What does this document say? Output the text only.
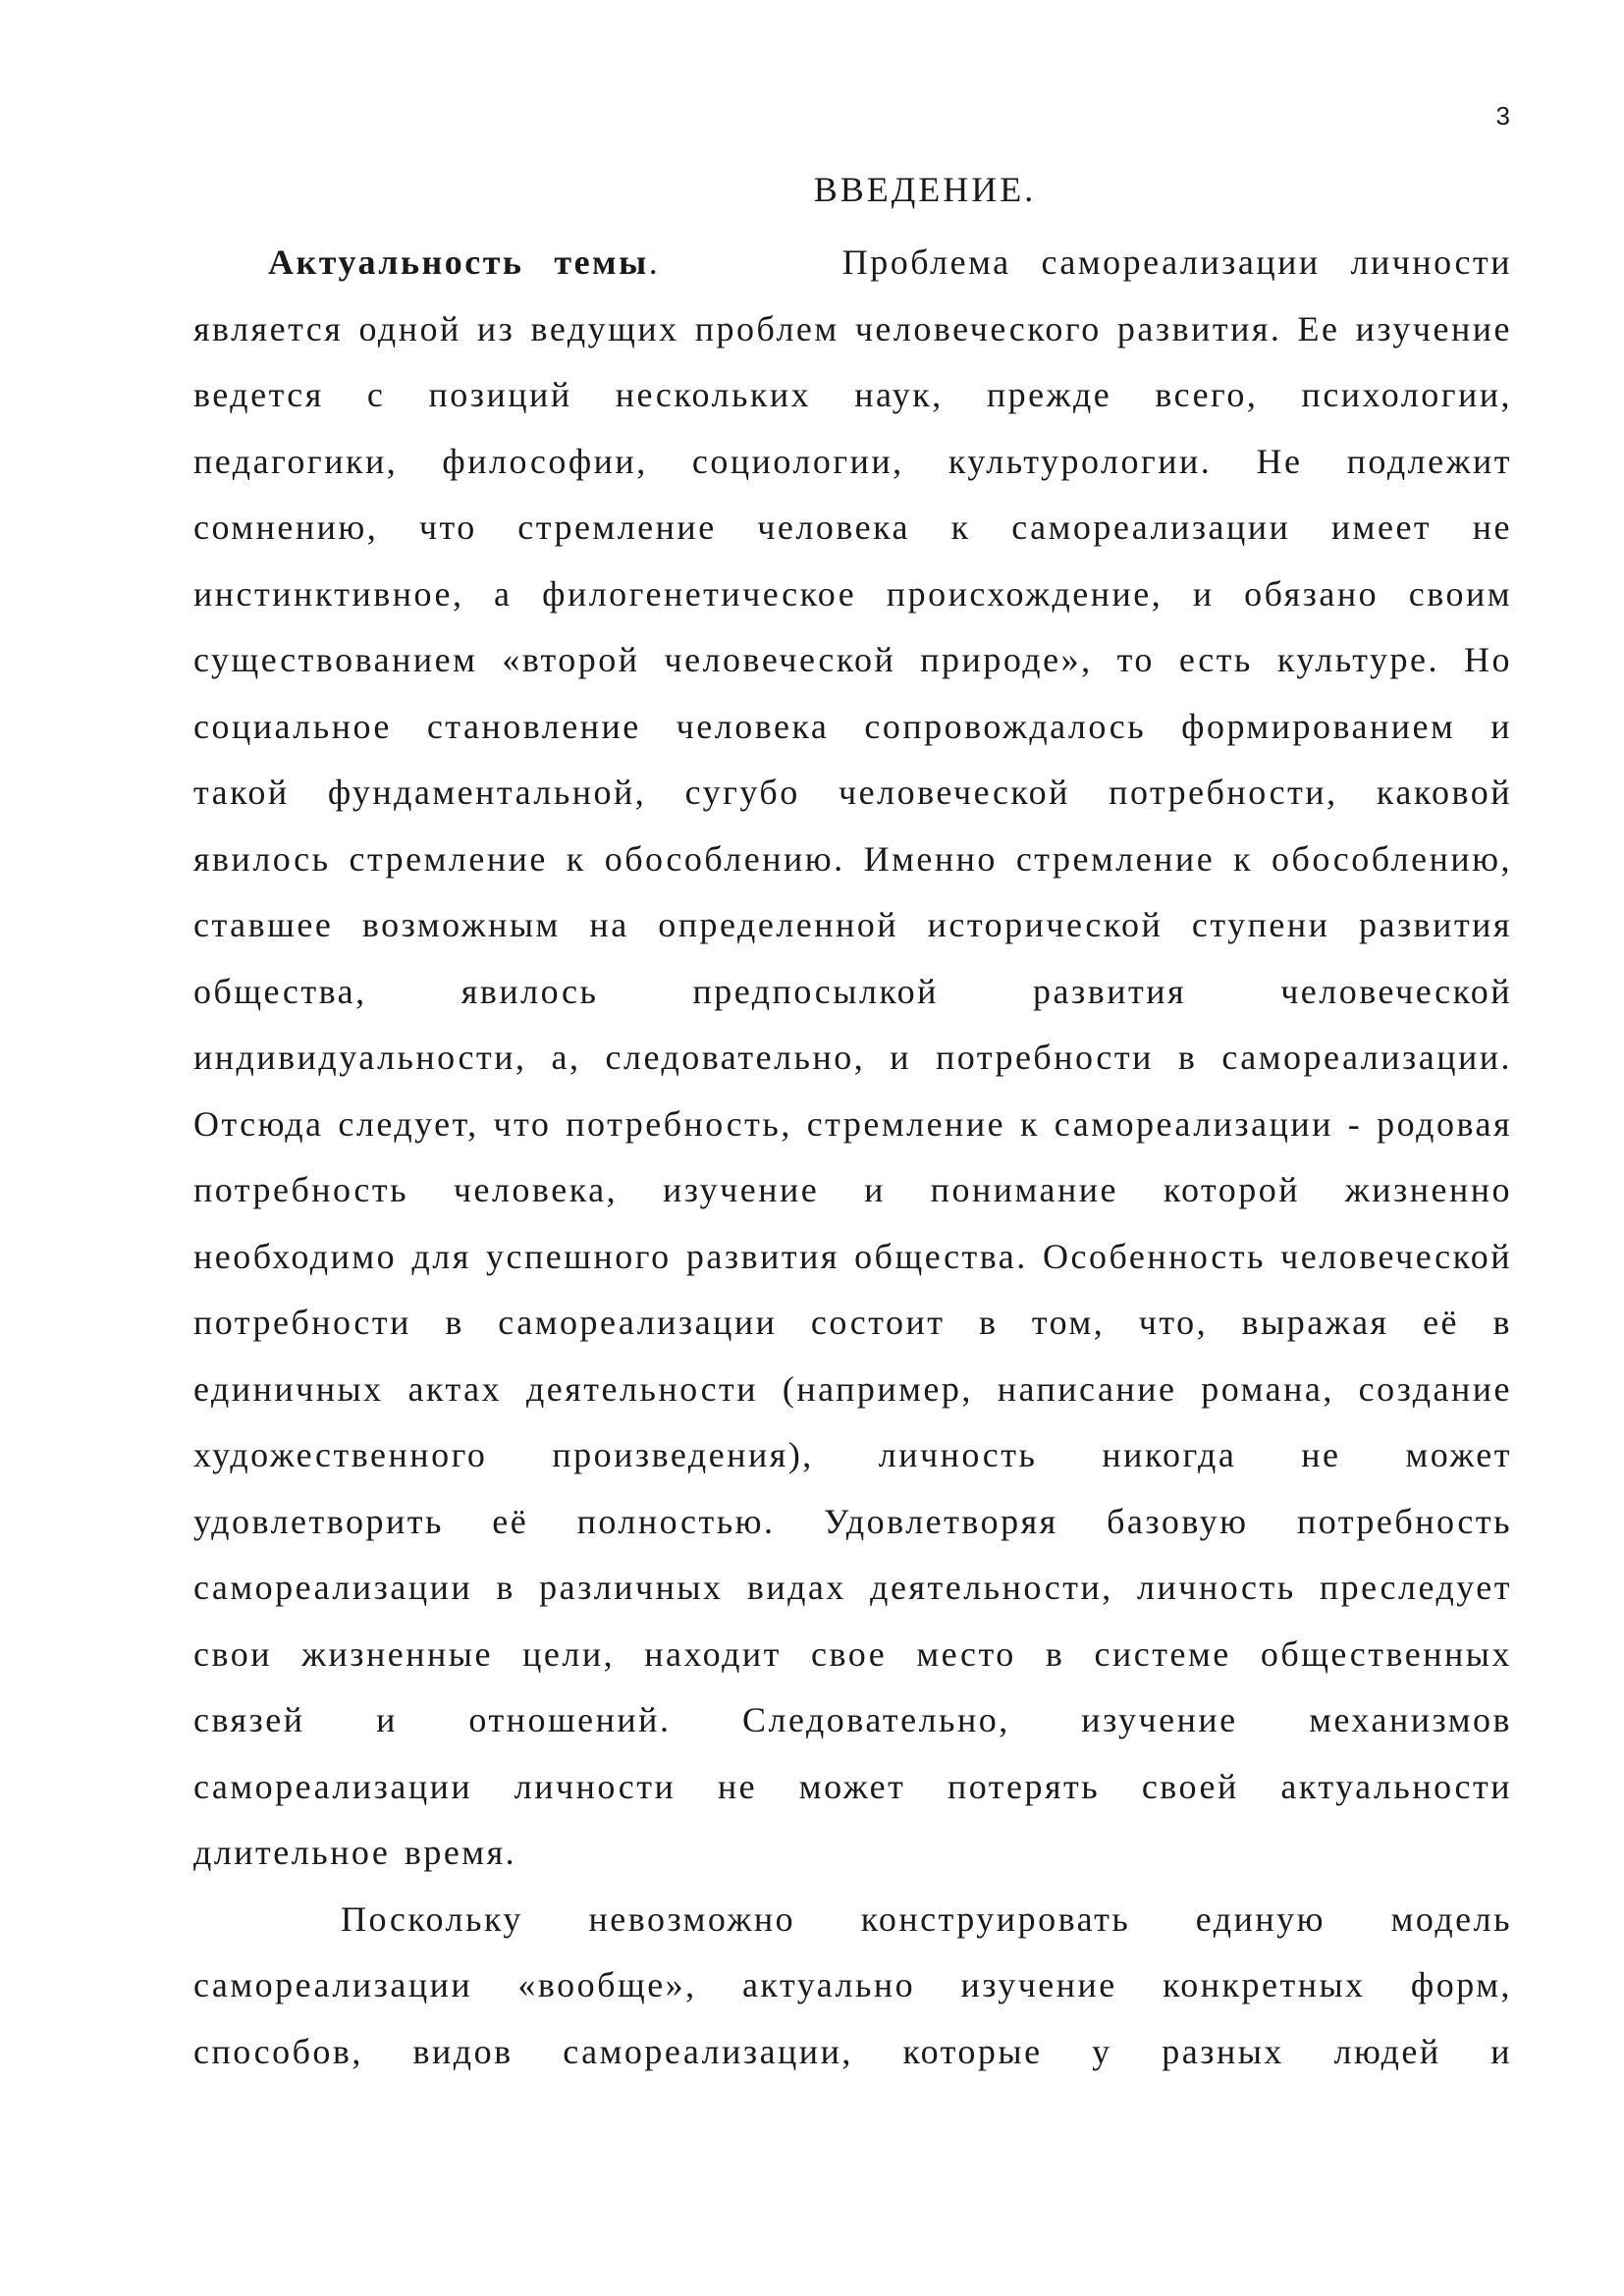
3
ВВЕДЕНИЕ.

Актуальность темы.	Проблема самореализации личности является одной из ведущих проблем человеческого развития. Ее изучение ведется с позиций нескольких наук, прежде всего, психологии, педагогики, философии, социологии, культурологии. Не подлежит сомнению, что стремление человека к самореализации имеет не инстинктивное, а филогенетическое происхождение, и обязано своим существованием «второй человеческой природе», то есть культуре. Но социальное становление человека сопровождалось формированием и такой фундаментальной, сугубо человеческой потребности, каковой явилось стремление к обособлению. Именно стремление к обособлению, ставшее возможным на определенной исторической ступени развития общества, явилось предпосылкой развития человеческой индивидуальности, а, следовательно, и потребности в самореализации. Отсюда следует, что потребность, стремление к самореализации - родовая потребность человека, изучение и понимание которой жизненно необходимо для успешного развития общества. Особенность человеческой потребности в самореализации состоит в том, что, выражая её в единичных актах деятельности (например, написание романа, создание художественного произведения), личность никогда не может удовлетворить её полностью. Удовлетворяя базовую потребность самореализации в различных видах деятельности, личность преследует свои жизненные цели, находит свое место в системе общественных связей и отношений. Следовательно, изучение механизмов самореализации личности не может потерять своей актуальности длительное время.

Поскольку невозможно конструировать единую модель самореализации «вообще», актуально изучение конкретных форм, способов, видов самореализации, которые у разных людей и
